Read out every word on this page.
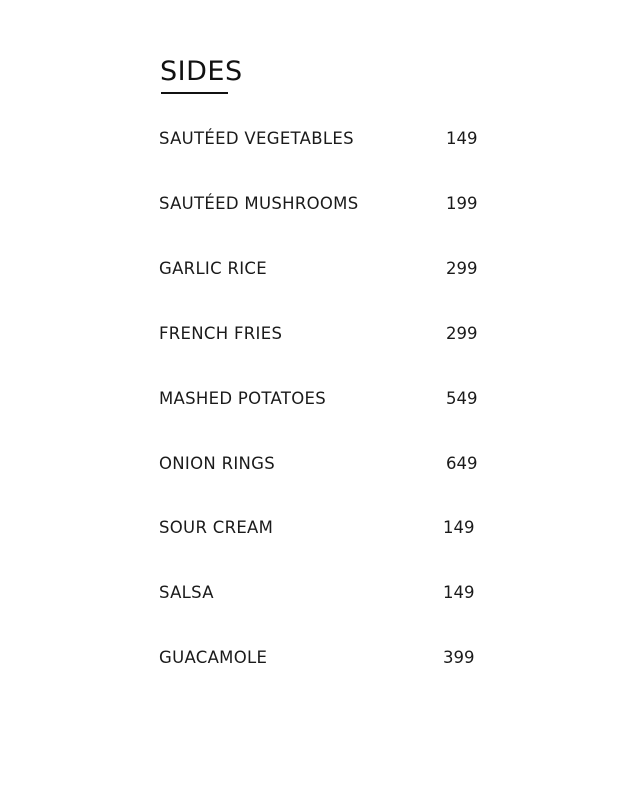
SIDES
SAUTÉED VEGETABLES	149
SAUTÉED MUSHROOMS	199
GARLIC RICE	299
FRENCH FRIES	299
MASHED POTATOES	549
ONION RINGS	649
SOUR CREAM	149
SALSA	149
GUACAMOLE	399
